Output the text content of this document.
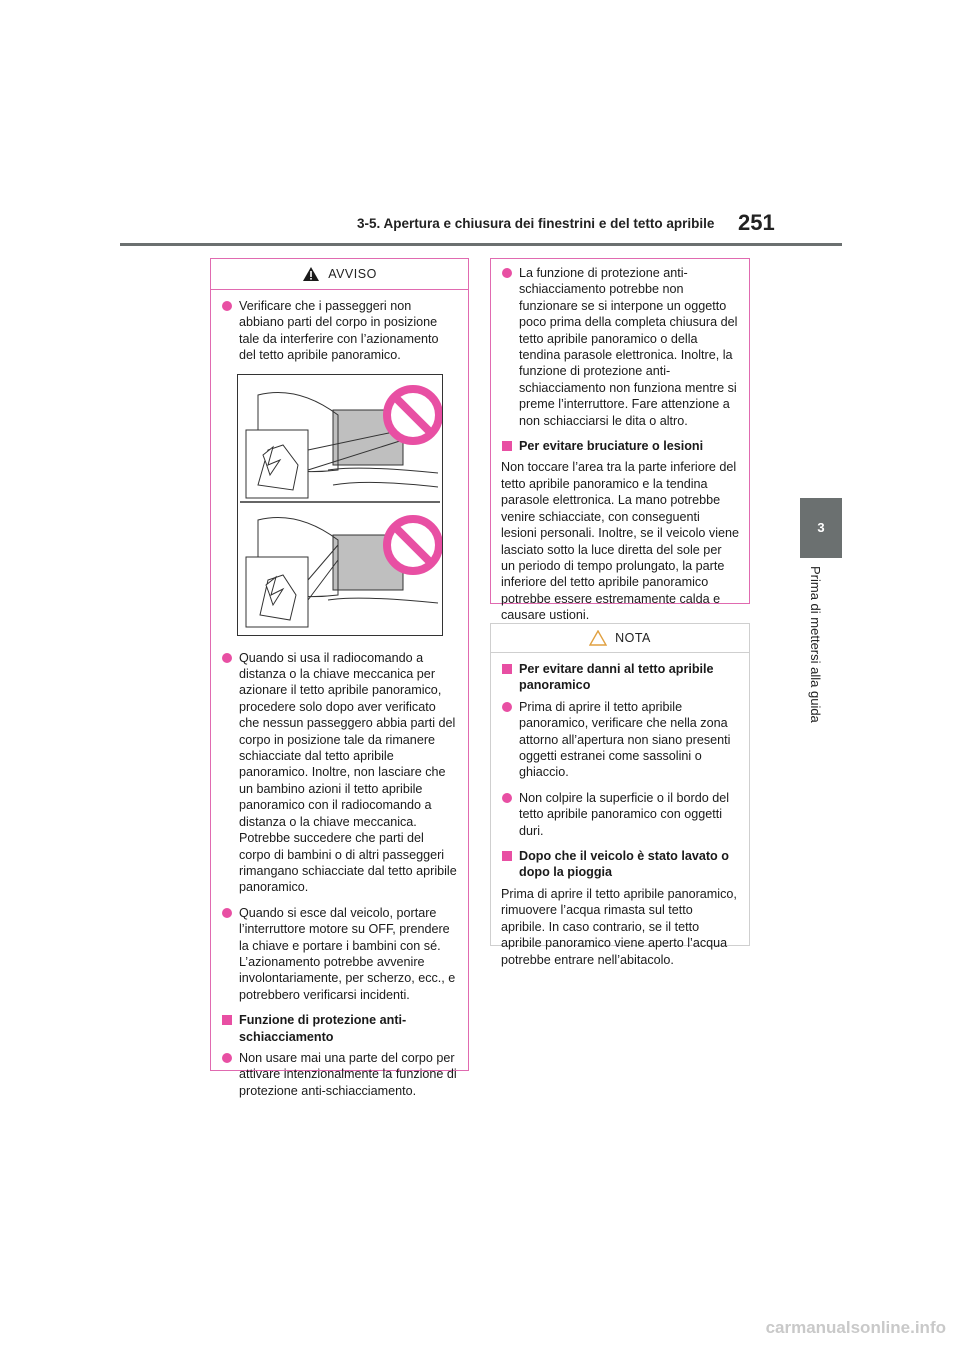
3-5. Apertura e chiusura dei finestrini e del tetto apribile 251
3
Prima di mettersi alla guida
AVVISO
Verificare che i passeggeri non abbiano parti del corpo in posizione tale da interferire con l’azionamento del tetto apribile panoramico.
Quando si usa il radiocomando a distanza o la chiave meccanica per azionare il tetto apribile panoramico, procedere solo dopo aver verificato che nessun passeggero abbia parti del corpo in posizione tale da rimanere schiacciate dal tetto apribile panoramico. Inoltre, non lasciare che un bambino azioni il tetto apribile panoramico con il radiocomando a distanza o la chiave meccanica. Potrebbe succedere che parti del corpo di bambini o di altri passeggeri rimangano schiacciate dal tetto apribile panoramico.
Quando si esce dal veicolo, portare l’interruttore motore su OFF, prendere la chiave e portare i bambini con sé. L’azionamento potrebbe avvenire involontariamente, per scherzo, ecc., e potrebbero verificarsi incidenti.
Funzione di protezione anti-schiacciamento
Non usare mai una parte del corpo per attivare intenzionalmente la funzione di protezione anti-schiacciamento.
La funzione di protezione anti-schiacciamento potrebbe non funzionare se si interpone un oggetto poco prima della completa chiusura del tetto apribile panoramico o della tendina parasole elettronica. Inoltre, la funzione di protezione anti-schiacciamento non funziona mentre si preme l’interruttore. Fare attenzione a non schiacciarsi le dita o altro.
Per evitare bruciature o lesioni
Non toccare l’area tra la parte inferiore del tetto apribile panoramico e la tendina parasole elettronica. La mano potrebbe venire schiacciate, con conseguenti lesioni personali. Inoltre, se il veicolo viene lasciato sotto la luce diretta del sole per un periodo di tempo prolungato, la parte inferiore del tetto apribile panoramico potrebbe essere estremamente calda e causare ustioni.
NOTA
Per evitare danni al tetto apribile panoramico
Prima di aprire il tetto apribile panoramico, verificare che nella zona attorno all’apertura non siano presenti oggetti estranei come sassolini o ghiaccio.
Non colpire la superficie o il bordo del tetto apribile panoramico con oggetti duri.
Dopo che il veicolo è stato lavato o dopo la pioggia
Prima di aprire il tetto apribile panoramico, rimuovere l’acqua rimasta sul tetto apribile. In caso contrario, se il tetto apribile panoramico viene aperto l’acqua potrebbe entrare nell’abitacolo.
carmanualsonline.info
